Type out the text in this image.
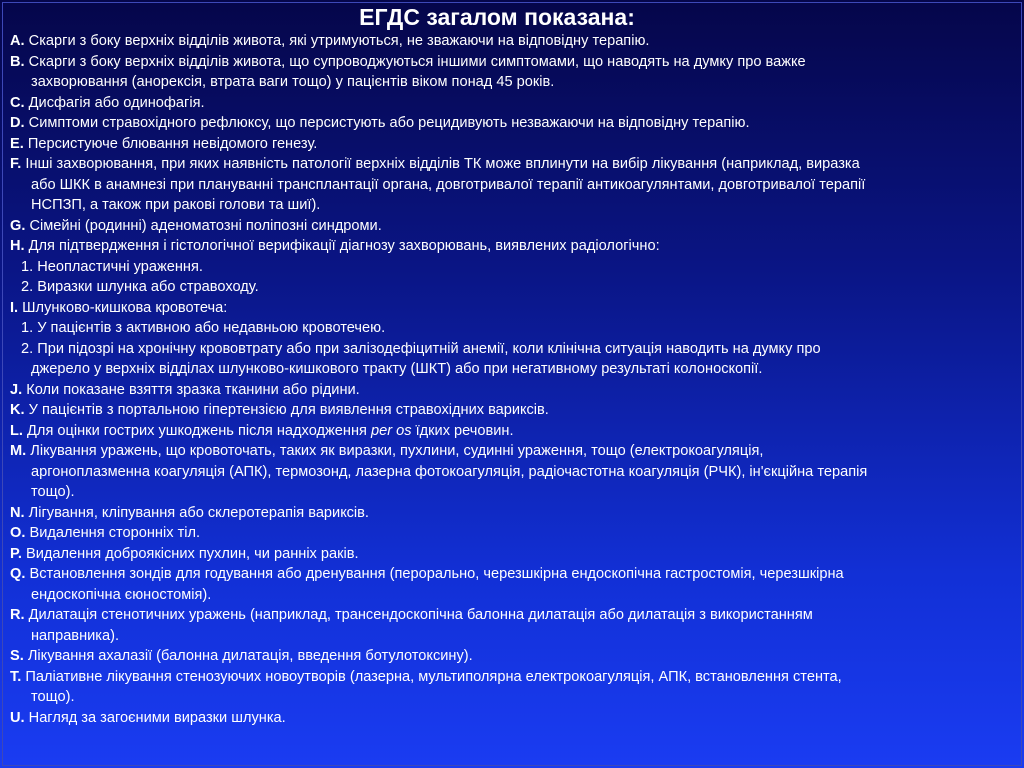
ЕГДС загалом показана:
A. Скарги з боку верхніх відділів живота, які утримуються, не зважаючи на відповідну терапію.
B. Скарги з боку верхніх відділів живота, що супроводжуються іншими симптомами, що наводять на думку про важке
захворювання (анорексія, втрата ваги тощо) у пацієнтів віком понад 45 років.
C. Дисфагія або одинофагія.
D. Симптоми стравохідного рефлюксу, що персистують або рецидивують незважаючи на відповідну терапію.
E. Персистуюче блювання невідомого генезу.
F. Інші захворювання, при яких наявність патології верхніх відділів ТК може вплинути на вибір лікування (наприклад, виразка
або ШКК в анамнезі при плануванні трансплантації органа, довготривалої терапії антикоагулянтами, довготривалої терапії
НСПЗП, а також при ракові голови та шиї).
G. Сімейні (родинні) аденоматозні поліпозні синдроми.
H. Для підтвердження і гістологічної верифікації діагнозу захворювань, виявлених радіологічно:
1. Неопластичні ураження.
2. Виразки шлунка або стравоходу.
I. Шлунково-кишкова кровотеча:
1. У пацієнтів з активною або недавньою кровотечею.
2. При підозрі на хронічну крововтрату або при залізодефіцитній анемії, коли клінічна ситуація наводить на думку про
джерело у верхніх відділах шлунково-кишкового тракту (ШКТ) або при негативному результаті колоноскопії.
J. Коли показане взяття зразка тканини або рідини.
K. У пацієнтів з портальною гіпертензією для виявлення стравохідних варикcів.
L. Для оцінки гострих ушкоджень після надходження per os їдких речовин.
M. Лікування уражень, що кровоточать, таких як виразки, пухлини, судинні ураження, тощо (електрокоагуляція,
аргоноплазменна коагуляція (АПК), термозонд, лазерна фотокоагуляція, радіочастотна коагуляція (РЧК), ін'єкційна терапія
тощо).
N. Лігування, кліпування або склеротерапія варикcів.
O. Видалення сторонніх тіл.
P. Видалення доброякісних пухлин, чи ранніх раків.
Q. Встановлення зондів для годування або дренування (перорально, черезшкірна ендоскопічна гастростомія, черезшкірна
ендоскопічна єюностомія).
R. Дилатація стенотичних уражень (наприклад, трансендоскопічна балонна дилатація або дилатація з використанням
направника).
S. Лікування ахалазії (балонна дилатація, введення ботулотоксину).
T. Паліативне лікування стенозуючих новоутворів (лазерна, мультиполярна електрокоагуляція, АПК, встановлення стента,
тощо).
U. Нагляд за загоєними виразки шлунка.
